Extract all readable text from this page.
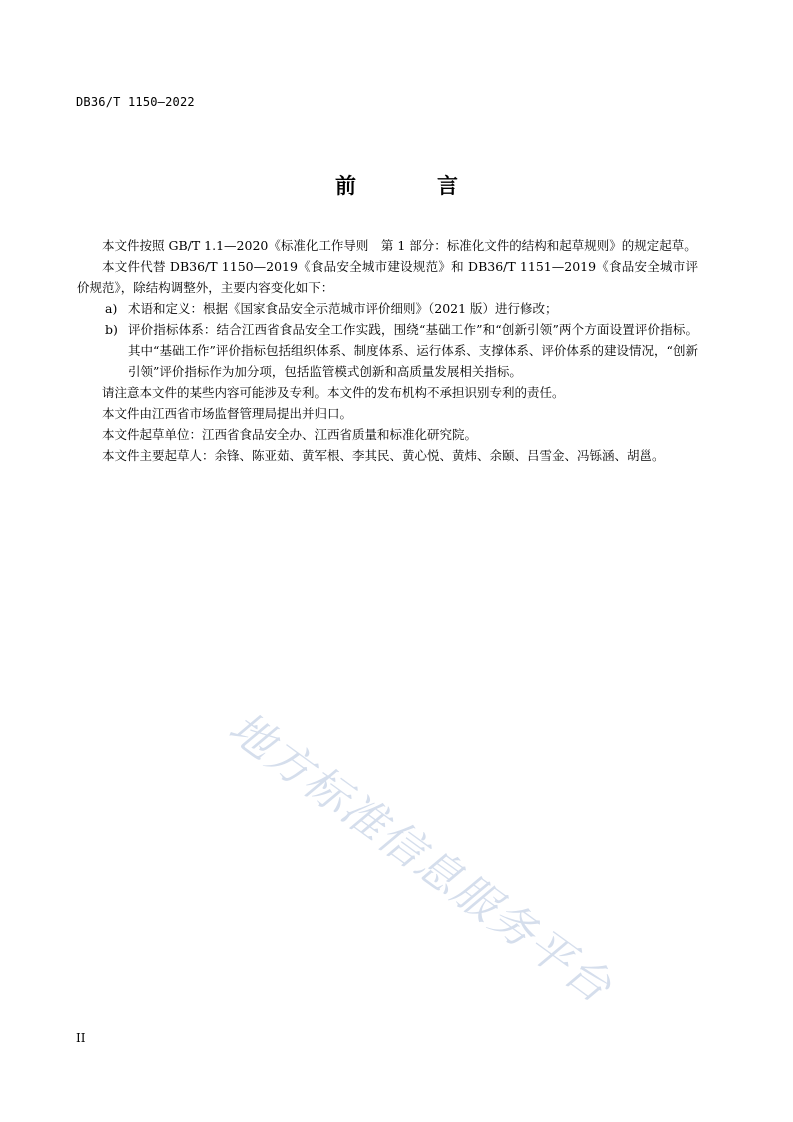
DB36/T 1150—2022
前　言

本文件按照 GB/T 1.1—2020《标准化工作导则　第 1 部分：标准化文件的结构和起草规则》的规定起草。

本文件代替 DB36/T 1150—2019《食品安全城市建设规范》和 DB36/T 1151—2019《食品安全城市评价规范》，除结构调整外，主要内容变化如下：

a) 术语和定义：根据《国家食品安全示范城市评价细则》（2021 版）进行修改；
b) 评价指标体系：结合江西省食品安全工作实践，围绕“基础工作”和“创新引领”两个方面设置评价指标。其中“基础工作”评价指标包括组织体系、制度体系、运行体系、支撑体系、评价体系的建设情况，“创新引领”评价指标作为加分项，包括监管模式创新和高质量发展相关指标。

请注意本文件的某些内容可能涉及专利。本文件的发布机构不承担识别专利的责任。

本文件由江西省市场监督管理局提出并归口。

本文件起草单位：江西省食品安全办、江西省质量和标准化研究院。

本文件主要起草人：余锋、陈亚茹、黄军根、李其民、黄心悦、黄炜、余颐、吕雪金、冯铄涵、胡邕。

地方标准信息服务平台
II
